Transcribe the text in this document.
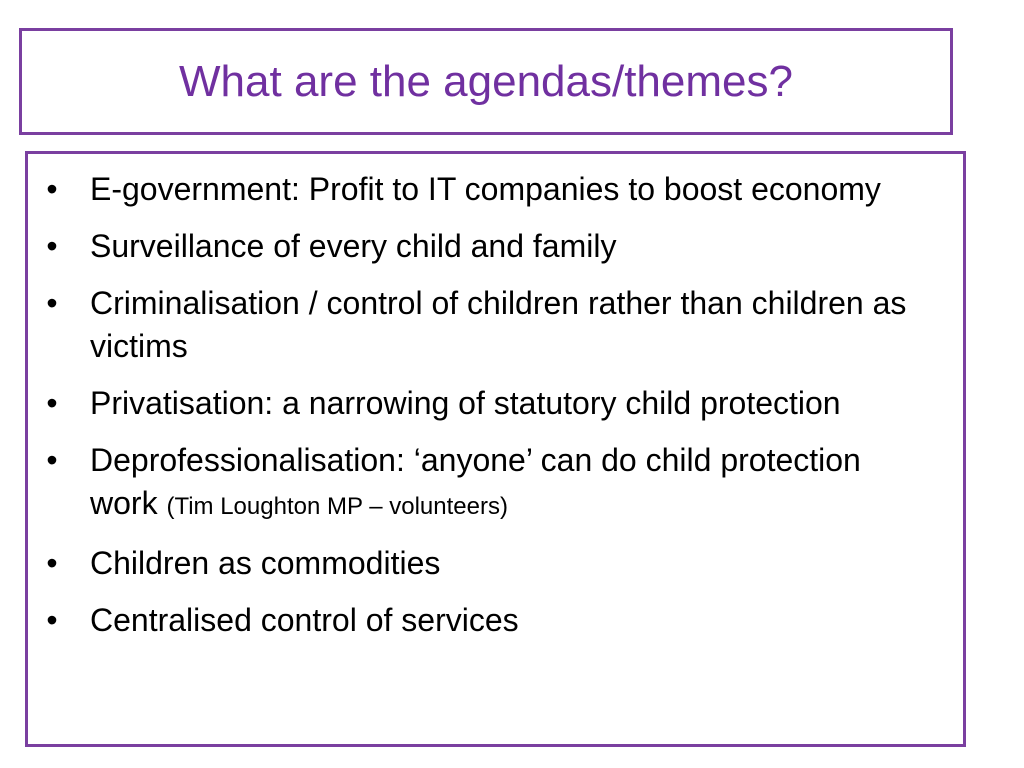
What are the agendas/themes?
• E-government: Profit to IT companies to boost economy
• Surveillance of every child and family
• Criminalisation / control of children rather than children as victims
• Privatisation: a narrowing of statutory child protection
• Deprofessionalisation: ‘anyone’ can do child protection work (Tim Loughton MP – volunteers)
• Children as commodities
• Centralised control of services
